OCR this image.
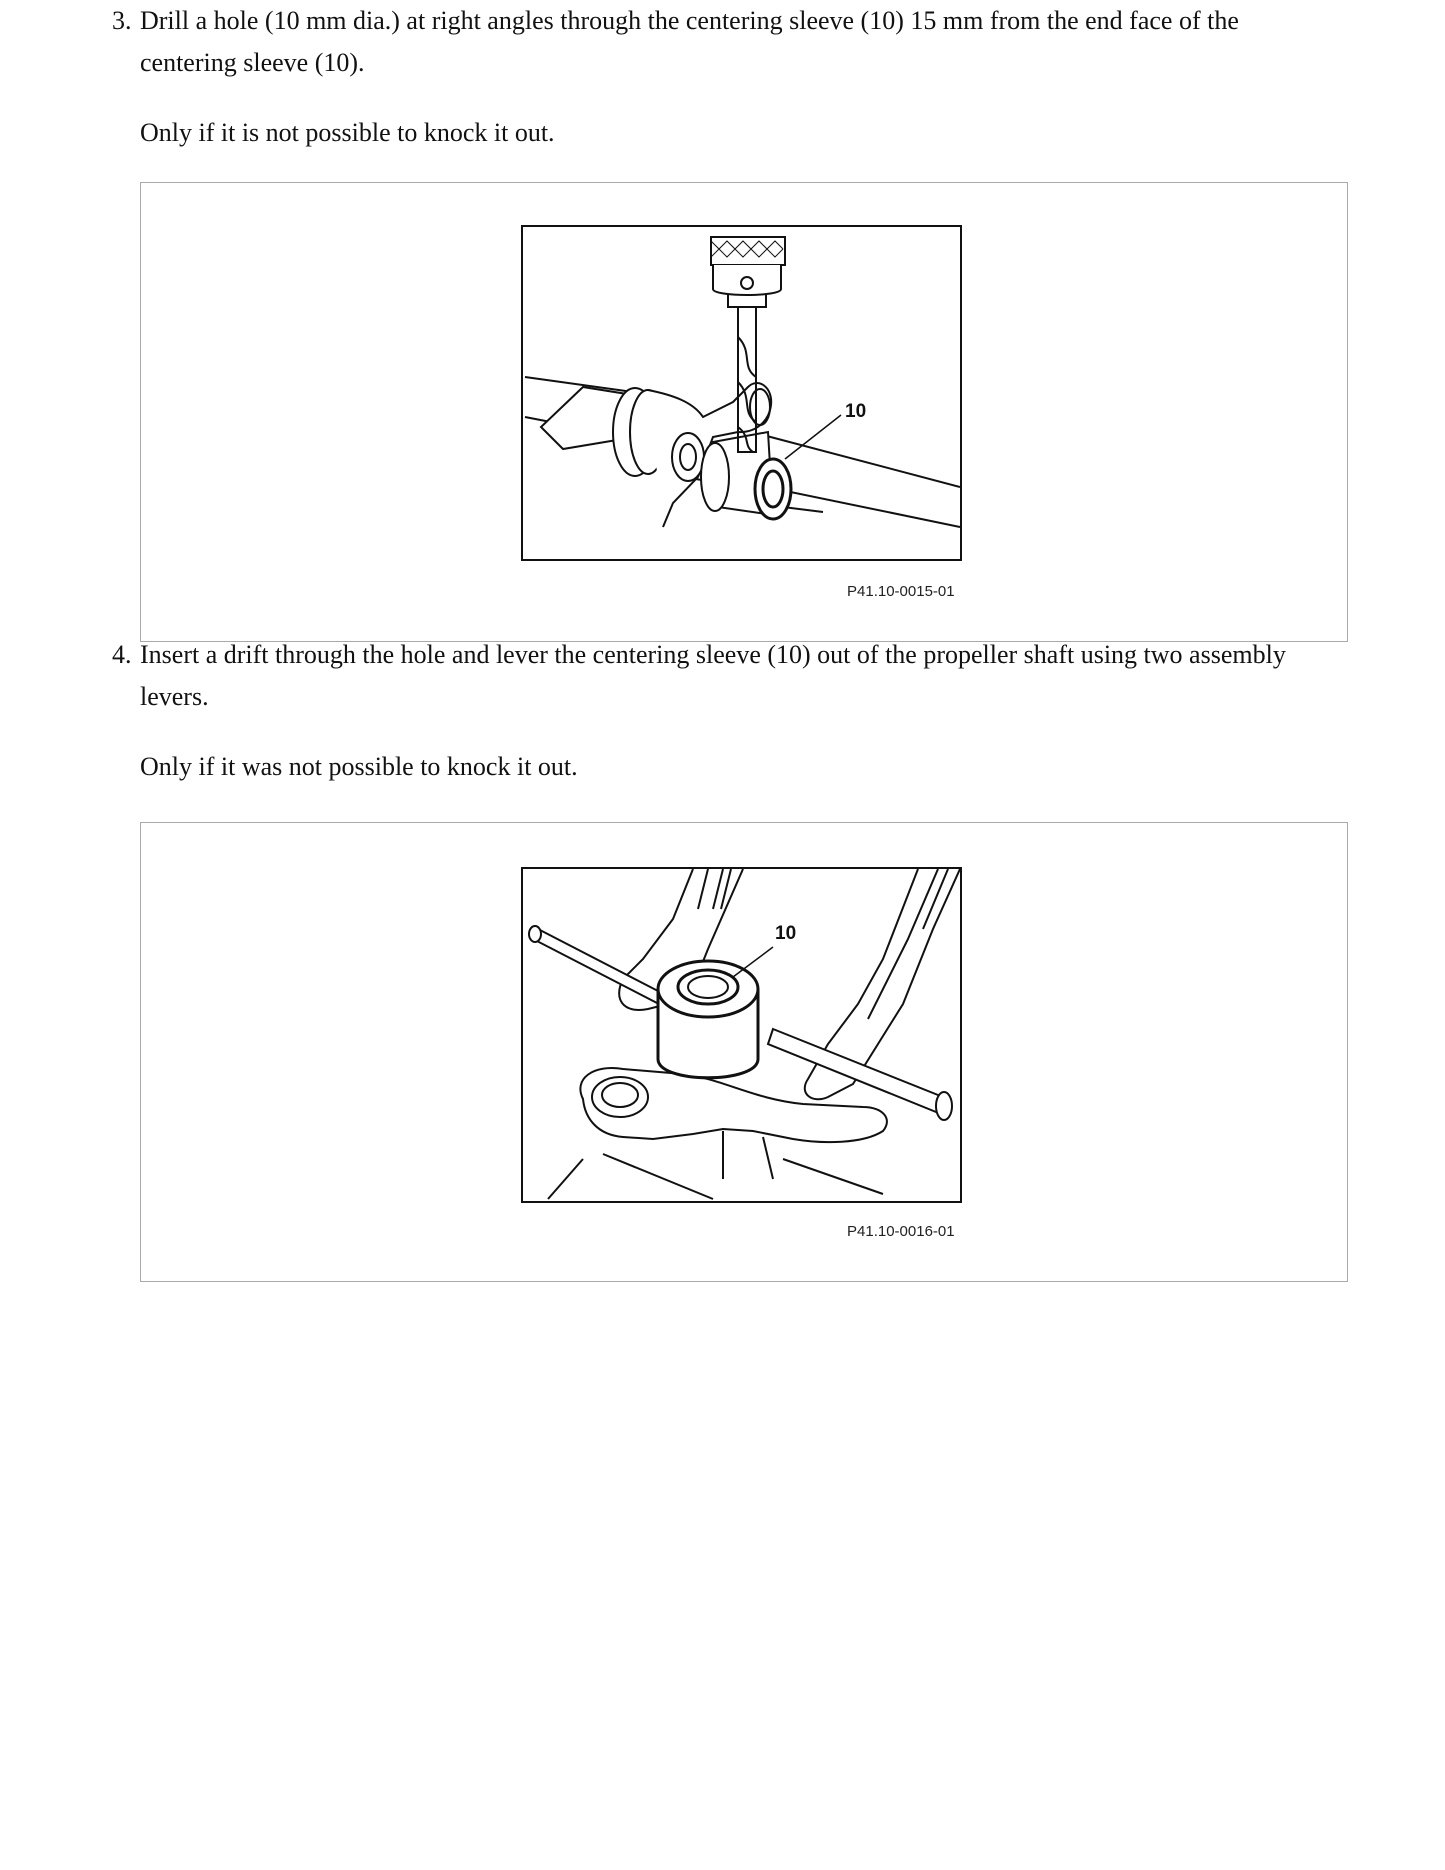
3. Drill a hole (10 mm dia.) at right angles through the centering sleeve (10) 15 mm from the end face of the
centering sleeve (10).
Only if it is not possible to knock it out.
10
P41.10-0015-01
4. Insert a drift through the hole and lever the centering sleeve (10) out of the propeller shaft using two assembly
levers.
Only if it was not possible to knock it out.
10
P41.10-0016-01
